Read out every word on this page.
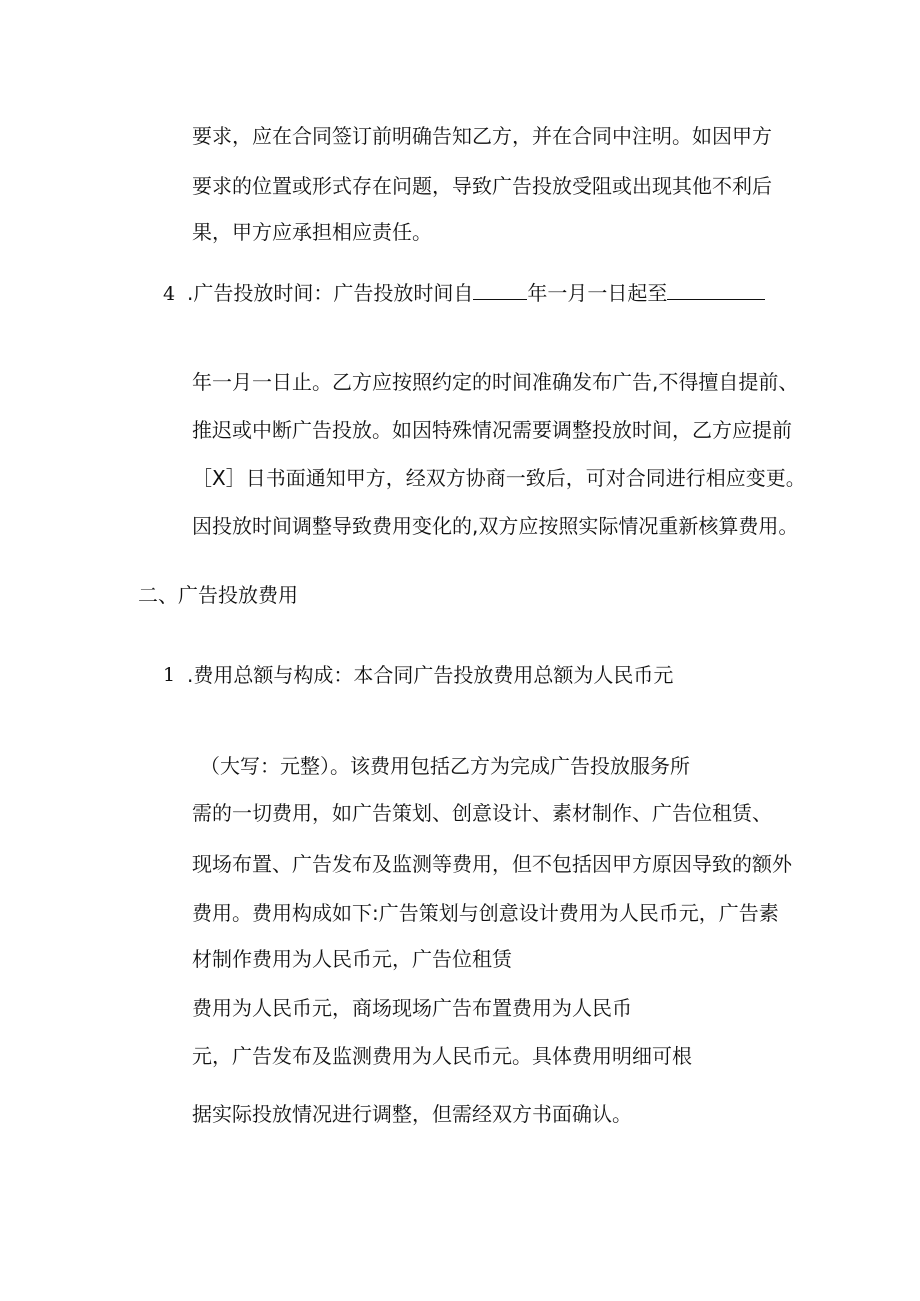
要求，应在合同签订前明确告知乙方，并在合同中注明。如因甲方
要求的位置或形式存在问题，导致广告投放受阻或出现其他不利后
果，甲方应承担相应责任。
4 .广告投放时间：广告投放时间自	年一月一日起至
年一月一日止。乙方应按照约定的时间准确发布广告,不得擅自提前、
推迟或中断广告投放。如因特殊情况需要调整投放时间，乙方应提前
［X］日书面通知甲方，经双方协商一致后，可对合同进行相应变更。
因投放时间调整导致费用变化的,双方应按照实际情况重新核算费用。
二、广告投放费用
1 .费用总额与构成：本合同广告投放费用总额为人民币元
（大写：元整）。该费用包括乙方为完成广告投放服务所
需的一切费用，如广告策划、创意设计、素材制作、广告位租赁、
现场布置、广告发布及监测等费用，但不包括因甲方原因导致的额外
费用。费用构成如下:广告策划与创意设计费用为人民币元，广告素
材制作费用为人民币元，广告位租赁
费用为人民币元，商场现场广告布置费用为人民币
元，广告发布及监测费用为人民币元。具体费用明细可根
据实际投放情况进行调整，但需经双方书面确认。
